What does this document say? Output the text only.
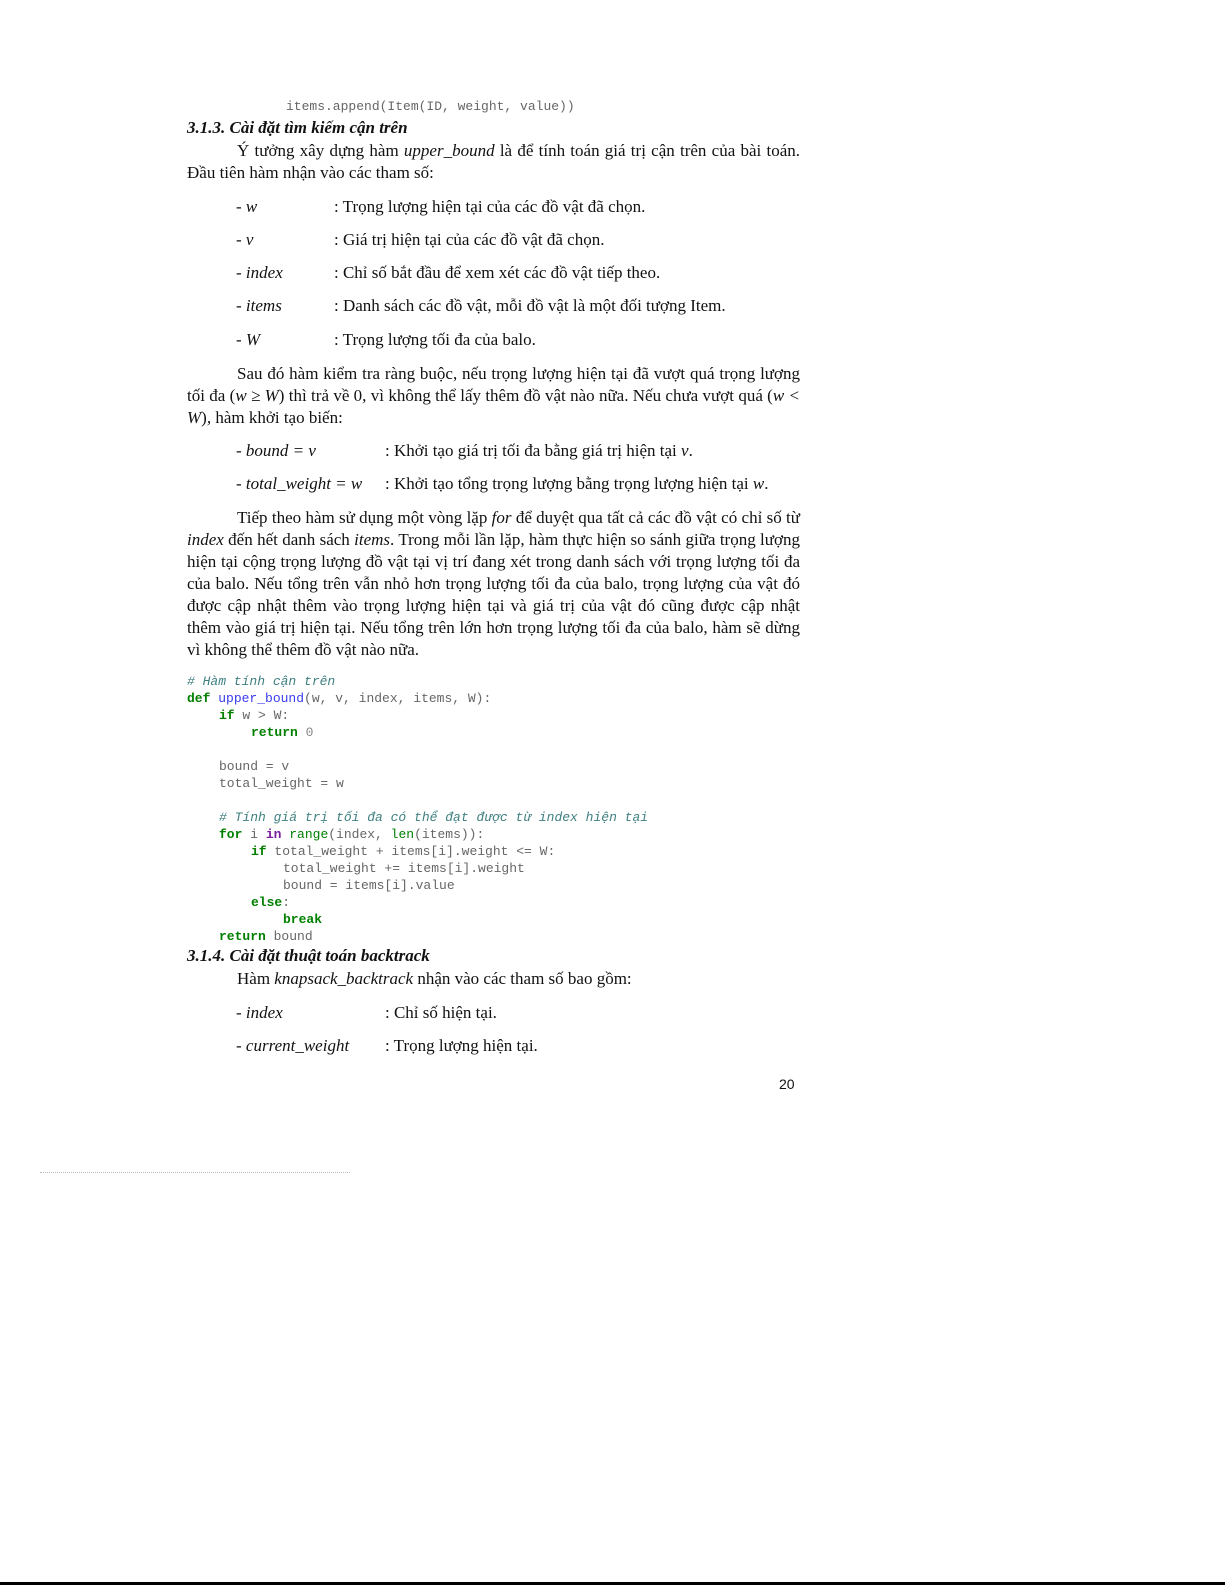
items.append(Item(ID, weight, value))
3.1.3. Cài đặt tìm kiếm cận trên

Ý tưởng xây dựng hàm upper_bound là để tính toán giá trị cận trên của bài toán. Đầu tiên hàm nhận vào các tham số:

- w	: Trọng lượng hiện tại của các đồ vật đã chọn.
- v	: Giá trị hiện tại của các đồ vật đã chọn.
- index	: Chỉ số bắt đầu để xem xét các đồ vật tiếp theo.
- items	: Danh sách các đồ vật, mỗi đồ vật là một đối tượng Item.
- W	: Trọng lượng tối đa của balo.

Sau đó hàm kiểm tra ràng buộc, nếu trọng lượng hiện tại đã vượt quá trọng lượng tối đa (w ≥ W) thì trả về 0, vì không thể lấy thêm đồ vật nào nữa. Nếu chưa vượt quá (w < W), hàm khởi tạo biến:

- bound = v	: Khởi tạo giá trị tối đa bằng giá trị hiện tại v.
- total_weight = w : Khởi tạo tổng trọng lượng bằng trọng lượng hiện tại w.

Tiếp theo hàm sử dụng một vòng lặp for để duyệt qua tất cả các đồ vật có chỉ số từ index đến hết danh sách items. Trong mỗi lần lặp, hàm thực hiện so sánh giữa trọng lượng hiện tại cộng trọng lượng đồ vật tại vị trí đang xét trong danh sách với trọng lượng tối đa của balo. Nếu tổng trên vẫn nhỏ hơn trọng lượng tối đa của balo, trọng lượng của vật đó được cập nhật thêm vào trọng lượng hiện tại và giá trị của vật đó cũng được cập nhật thêm vào giá trị hiện tại. Nếu tổng trên lớn hơn trọng lượng tối đa của balo, hàm sẽ dừng vì không thể thêm đồ vật nào nữa.

# Hàm tính cận trên
def upper_bound(w, v, index, items, W):
if w > W:
return 0
bound = v
total_weight = w
# Tính giá trị tối đa có thể đạt được từ index hiện tại
for i in range(index, len(items)):
if total_weight + items[i].weight <= W:
total_weight += items[i].weight
bound = items[i].value
else:
break
return bound
3.1.4. Cài đặt thuật toán backtrack
Hàm knapsack_backtrack nhận vào các tham số bao gồm:
- index	: Chỉ số hiện tại.
- current_weight : Trọng lượng hiện tại.
20
